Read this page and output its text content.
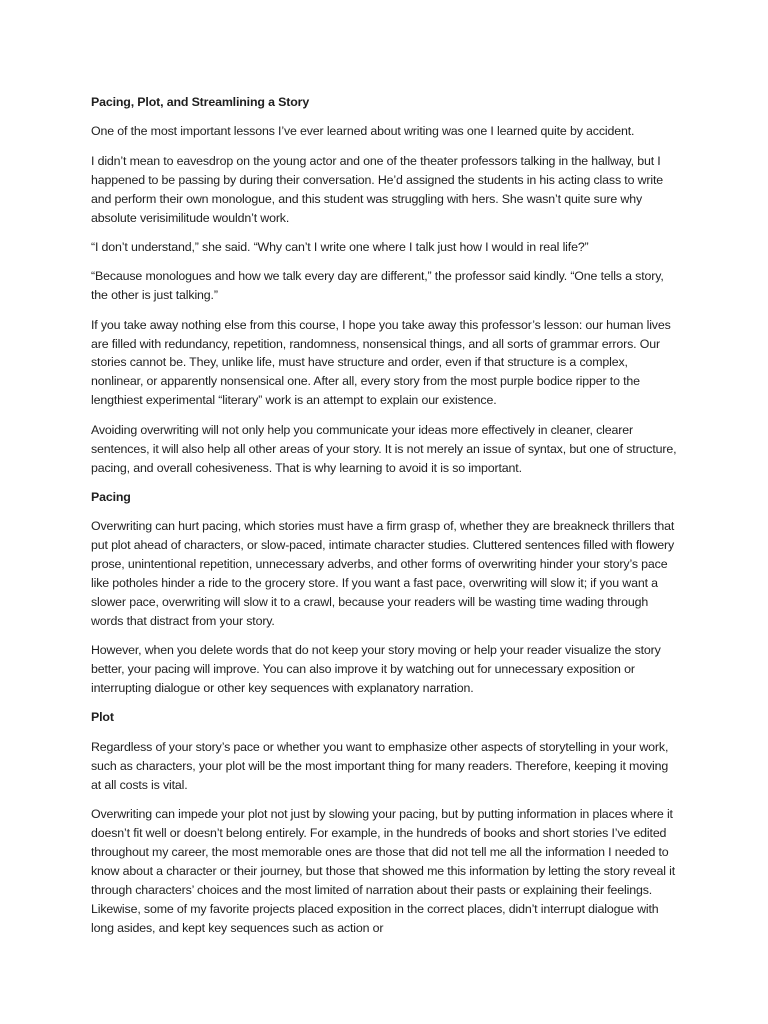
Pacing, Plot, and Streamlining a Story

One of the most important lessons I’ve ever learned about writing was one I learned quite by accident.

I didn’t mean to eavesdrop on the young actor and one of the theater professors talking in the hallway, but I happened to be passing by during their conversation. He’d assigned the students in his acting class to write and perform their own monologue, and this student was struggling with hers. She wasn’t quite sure why absolute verisimilitude wouldn’t work.

“I don’t understand,” she said. “Why can’t I write one where I talk just how I would in real life?”

“Because monologues and how we talk every day are different,” the professor said kindly. “One tells a story, the other is just talking.”

If you take away nothing else from this course, I hope you take away this professor’s lesson: our human lives are filled with redundancy, repetition, randomness, nonsensical things, and all sorts of grammar errors. Our stories cannot be. They, unlike life, must have structure and order, even if that structure is a complex, nonlinear, or apparently nonsensical one. After all, every story from the most purple bodice ripper to the lengthiest experimental “literary” work is an attempt to explain our existence.

Avoiding overwriting will not only help you communicate your ideas more effectively in cleaner, clearer sentences, it will also help all other areas of your story. It is not merely an issue of syntax, but one of structure, pacing, and overall cohesiveness. That is why learning to avoid it is so important.

Pacing

Overwriting can hurt pacing, which stories must have a firm grasp of, whether they are breakneck thrillers that put plot ahead of characters, or slow-paced, intimate character studies. Cluttered sentences filled with flowery prose, unintentional repetition, unnecessary adverbs, and other forms of overwriting hinder your story’s pace like potholes hinder a ride to the grocery store. If you want a fast pace, overwriting will slow it; if you want a slower pace, overwriting will slow it to a crawl, because your readers will be wasting time wading through words that distract from your story.

However, when you delete words that do not keep your story moving or help your reader visualize the story better, your pacing will improve. You can also improve it by watching out for unnecessary exposition or interrupting dialogue or other key sequences with explanatory narration.

Plot

Regardless of your story’s pace or whether you want to emphasize other aspects of storytelling in your work, such as characters, your plot will be the most important thing for many readers. Therefore, keeping it moving at all costs is vital.

Overwriting can impede your plot not just by slowing your pacing, but by putting information in places where it doesn’t fit well or doesn’t belong entirely. For example, in the hundreds of books and short stories I’ve edited throughout my career, the most memorable ones are those that did not tell me all the information I needed to know about a character or their journey, but those that showed me this information by letting the story reveal it through characters’ choices and the most limited of narration about their pasts or explaining their feelings. Likewise, some of my favorite projects placed exposition in the correct places, didn’t interrupt dialogue with long asides, and kept key sequences such as action or
